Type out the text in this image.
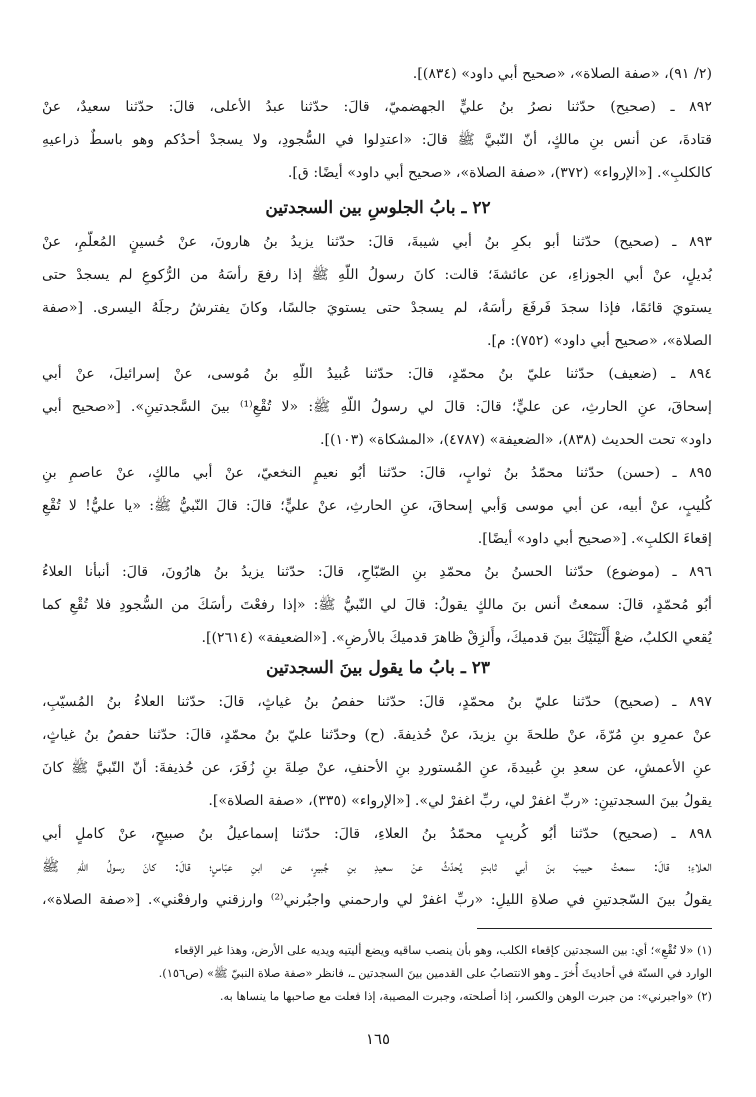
(٢/ ٩١)، «صفة الصلاة»، «صحيح أبي داود» (٨٣٤)].
٨٩٢ ـ (صحيح) حدّثنا نصرُ بنُ عليٍّ الجهضميّ، قالَ: حدّثنا عبدُ الأعلى، قالَ: حدّثنا سعيدٌ، عنْ
قتادةَ، عن أنس بنِ مالكٍ، أنّ النّبيَّ ﷺ قالَ: «اعتدِلوا في السُّجودِ، ولا يسجدْ أحدُكم وهو باسطٌ ذراعيهِ
كالكلبِ». [«الإرواء» (٣٧٢)، «صفة الصلاة»، «صحيح أبي داود» أيضًا: ق].
٢٢ ـ بابُ الجلوسِ بين السجدتين
٨٩٣ ـ (صحيح) حدّثنا أبو بكرِ بنُ أبي شيبةَ، قالَ: حدّثنا يزيدُ بنُ هارونَ، عنْ حُسينٍ المُعلّمِ، عنْ
بُديلٍ، عنْ أبي الجوزاءِ، عن عائشةَ؛ قالت: كانَ رسولُ اللّهِ ﷺ إذا رفعَ رأسَهُ من الرُّكوعِ لم يسجدْ حتى
يستويَ قائمًا، فإذا سجدَ فَرفَعَ رأسَهُ، لم يسجدْ حتى يستويَ جالسًا، وكانَ يفترشُ رجلَهُ اليسرى. [«صفة
الصلاة»، «صحيح أبي داود» (٧٥٢): م].
٨٩٤ ـ (ضعيف) حدّثنا عليّ بنُ محمّدٍ، قالَ: حدّثنا عُبيدُ اللّهِ بنُ مُوسى، عنْ إسرائيلَ، عنْ أبي
إسحاقَ، عنِ الحارثِ، عن عليٍّ؛ قالَ: قالَ لي رسولُ اللّهِ ﷺ: «لا تُقْعِ⁽¹⁾ بينَ السَّجدتينِ». [«صحيح أبي
داود» تحت الحديث (٨٣٨)، «الضعيفة» (٤٧٨٧)، «المشكاة» (١٠٣)].
٨٩٥ ـ (حسن) حدّثنا محمّدُ بنُ ثوابٍ، قالَ: حدّثنا أبُو نعيمٍ النخعيّ، عنْ أبي مالكٍ، عنْ عاصمِ بنِ
كُليبٍ، عنْ أبيه، عن أبي موسى وَأبي إسحاقَ، عنِ الحارثِ، عنْ عليٍّ؛ قالَ: قالَ النّبيُّ ﷺ: «يا عليُّ! لا تُقْعِ
إقعاءَ الكلبِ». [«صحيح أبي داود» أيضًا].
٨٩٦ ـ (موضوع) حدّثنا الحسنُ بنُ محمّدِ بنِ الصّبّاحِ، قالَ: حدّثنا يزيدُ بنُ هارُونَ، قالَ: أنبأنا العلاءُ
أبُو مُحمّدٍ، قالَ: سمعتُ أنس بنَ مالكٍ يقولُ: قالَ لي النّبيُّ ﷺ: «إذا رفعْتَ رأسَكَ من السُّجودِ فلا تُقْعِ كما
يُقعي الكلبُ، ضعْ أَلْيَتَيْكَ بينَ قدميكَ، وأَلزِقْ ظاهرَ قدميكَ بالأرضِ». [«الضعيفة» (٢٦١٤)].
٢٣ ـ بابُ ما يقول بينَ السجدتين
٨٩٧ ـ (صحيح) حدّثنا عليّ بنُ محمّدٍ، قالَ: حدّثنا حفصُ بنُ غياثٍ، قالَ: حدّثنا العلاءُ بنُ المُسيّبِ،
عنْ عمرِو بنِ مُرّةَ، عنْ طلحةَ بنِ يزيدَ، عنْ حُذيفةَ. (ح) وحدّثنا عليّ بنُ محمّدٍ، قالَ: حدّثنا حفصُ بنُ غياثٍ،
عنِ الأعمشِ، عن سعدِ بنِ عُبيدةَ، عنِ المُستوردِ بنِ الأحنفِ، عنْ صِلةَ بنِ زُفَرَ، عن حُذيفةَ: أنّ النّبيَّ ﷺ كانَ
يقولُ بينَ السجدتينِ: «ربِّ اغفرْ لي، ربِّ اغفرْ لي». [«الإرواء» (٣٣٥)، «صفة الصلاة»].
٨٩٨ ـ (صحيح) حدّثنا أبُو كُريبٍ محمّدُ بنُ العلاءِ، قالَ: حدّثنا إسماعيلُ بنُ صبيحٍ، عنْ كاملٍ أبي
العلاءِ؛ قالَ: سمعتُ حبيبَ بنَ أبي ثابتٍ يُحدّثُ عنْ سعيدِ بنِ جُبيرٍ، عن ابنِ عبّاسٍ؛ قالَ: كانَ رسولُ اللّهِ ﷺ
يقولُ بينَ السّجدتينِ في صلاةِ الليلِ: «ربِّ اغفرْ لي وارحمني واجبُرني⁽²⁾ وارزقني وارفعْني». [«صفة الصلاة»،
(١) «لا تُقْعِ»؛ أي: بين السجدتين كإقعاء الكلب، وهو بأن ينصب ساقيه ويضع أليتيه ويديه على الأرض، وهذا غير الإقعاء
الوارد في السنّة في أحاديثَ أُخرَ ـ وهو الانتصابُ على القدمين بينَ السجدتين ـ، فانظر «صفة صلاة النبيّ ﷺ» (ص١٥٦).
(٢) «واجبرني»: من جبرت الوهن والكسر، إذا أصلحته، وجبرت المصيبة، إذا فعلت مع صاحبها ما ينساها به.
١٦٥
